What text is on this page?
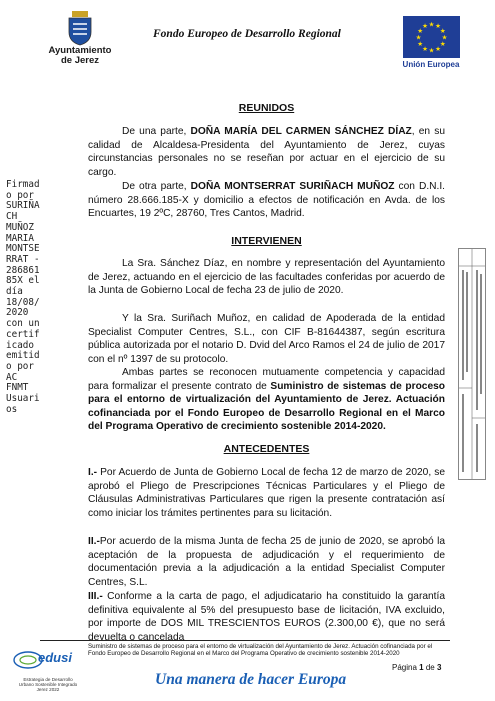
Ayuntamiento
de Jerez
Fondo Europeo de Desarrollo Regional
★ ★
★
★
★
★
★
★
★
★
★
★
Unión Europea
Firmad
o por
SURIÑA
CH
MUÑOZ
MARIA
MONTSE
RRAT -
286861
85X el
día
18/08/
2020
con un
certif
icado
emitid
o por
AC
FNMT
Usuari
os
REUNIDOS
De una parte, DOÑA MARÍA DEL CARMEN SÁNCHEZ DÍAZ, en su calidad de Alcaldesa-Presidenta del Ayuntamiento de Jerez, cuyas circunstancias personales no se reseñan por actuar en el ejercicio de su cargo.
De otra parte, DOÑA MONTSERRAT SURIÑACH MUÑOZ con D.N.I. número 28.666.185-X y domicilio a efectos de notificación en Avda. de los Encuartes, 19 2ºC, 28760, Tres Cantos, Madrid.
INTERVIENEN
La Sra. Sánchez Díaz, en nombre y representación del Ayuntamiento de Jerez, actuando en el ejercicio de las facultades conferidas por acuerdo de la Junta de Gobierno Local de fecha 23 de julio de 2020.
Y la Sra. Suriñach Muñoz, en calidad de Apoderada de la entidad Specialist Computer Centres, S.L., con CIF B-81644387, según escritura pública autorizada por el notario D. Dvid del Arco Ramos el 24 de julio de 2017 con el nº 1397 de su protocolo.
Ambas partes se reconocen mutuamente competencia y capacidad para formalizar el presente contrato de Suministro de sistemas de proceso para el entorno de virtualización del Ayuntamiento de Jerez. Actuación cofinanciada por el Fondo Europeo de Desarrollo Regional en el Marco del Programa Operativo de crecimiento sostenible 2014-2020.
ANTECEDENTES
I.- Por Acuerdo de Junta de Gobierno Local de fecha 12 de marzo de 2020, se aprobó el Pliego de Prescripciones Técnicas Particulares y el Pliego de Cláusulas Administrativas Particulares que rigen la presente contratación así como iniciar los trámites pertinentes para su licitación.
II.-Por acuerdo de la misma Junta de fecha 25 de junio de 2020, se aprobó la aceptación de la propuesta de adjudicación y el requerimiento de documentación previa a la adjudicación a la entidad Specialist Computer Centres, S.L.
III.- Conforme a la carta de pago, el adjudicatario ha constituido la garantía definitiva equivalente al 5% del presupuesto base de licitación, IVA excluido, por importe de DOS MIL TRESCIENTOS EUROS (2.300,00 €), que no será devuelta o cancelada
Suministro de sistemas de proceso para el entorno de virtualización del Ayuntamiento de Jerez. Actuación cofinanciada por el Fondo Europeo de Desarrollo Regional en el Marco del Programa Operativo de crecimiento sostenible 2014-2020
edusi
Estrategia de Desarrollo
Urbano Sostenible Integrado
Jerez 2022
Página 1 de 3
Una manera de hacer Europa
